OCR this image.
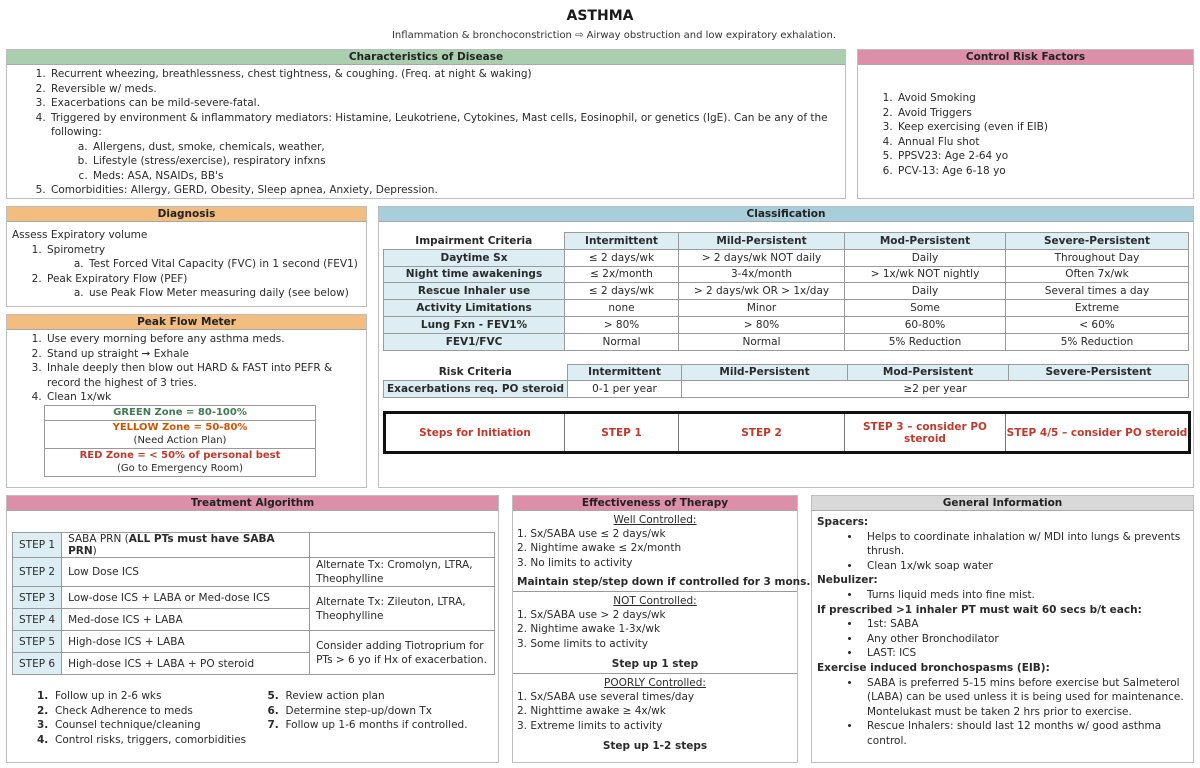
ASTHMA
Inflammation & bronchoconstriction ⇨ Airway obstruction and low expiratory exhalation.
Characteristics of Disease
1. Recurrent wheezing, breathlessness, chest tightness, & coughing. (Freq. at night & waking)
2. Reversible w/ meds.
3. Exacerbations can be mild-severe-fatal.
4. Triggered by environment & inflammatory mediators: Histamine, Leukotriene, Cytokines, Mast cells, Eosinophil, or genetics (IgE). Can be any of the following:
a. Allergens, dust, smoke, chemicals, weather,
b. Lifestyle (stress/exercise), respiratory infxns
c. Meds: ASA, NSAIDs, BB's
5. Comorbidities: Allergy, GERD, Obesity, Sleep apnea, Anxiety, Depression.
Control Risk Factors
1. Avoid Smoking
2. Avoid Triggers
3. Keep exercising (even if EIB)
4. Annual Flu shot
5. PPSV23: Age 2-64 yo
6. PCV-13: Age 6-18 yo
Diagnosis
Assess Expiratory volume
1. Spirometry
a. Test Forced Vital Capacity (FVC) in 1 second (FEV1)
2. Peak Expiratory Flow (PEF)
a. use Peak Flow Meter measuring daily (see below)
Peak Flow Meter
1. Use every morning before any asthma meds.
2. Stand up straight ➞ Exhale
3. Inhale deeply then blow out HARD & FAST into PEFR & record the highest of 3 tries.
4. Clean 1x/wk
GREEN Zone = 80-100%

YELLOW Zone = 50-80%
(Need Action Plan)

RED Zone = < 50% of personal best
(Go to Emergency Room)
Classification
Impairment Criteria	Intermittent	Mild-Persistent	Mod-Persistent	Severe-Persistent
Daytime Sx	≤ 2 days/wk	> 2 days/wk NOT daily	Daily	Throughout Day
Night time awakenings	≤ 2x/month	3-4x/month	> 1x/wk NOT nightly	Often 7x/wk
Rescue Inhaler use	≤ 2 days/wk	> 2 days/wk OR > 1x/day	Daily	Several times a day
Activity Limitations	none	Minor	Some	Extreme
Lung Fxn - FEV1%	> 80%	> 80%	60-80%	< 60%
FEV1/FVC	Normal	Normal	5% Reduction	5% Reduction
Risk Criteria	Intermittent	Mild-Persistent	Mod-Persistent	Severe-Persistent
Exacerbations req. PO steroid	0-1 per year	≥2 per year		
Steps for Initiation	STEP 1	STEP 2	STEP 3 – consider PO steroid	STEP 4/5 – consider PO steroid
Treatment Algorithm
STEP 1	SABA PRN (ALL PTs must have SABA PRN)	
STEP 2	Low Dose ICS	Alternate Tx: Cromolyn, LTRA, Theophylline
STEP 3	Low-dose ICS + LABA or Med-dose ICS	Alternate Tx: Zileuton, LTRA, Theophylline
STEP 4	Med-dose ICS + LABA	
STEP 5	High-dose ICS + LABA	Consider adding Tiotroprium for PTs > 6 yo if Hx of exacerbation.
STEP 6	High-dose ICS + LABA + PO steroid	
1. Follow up in 2-6 wks
2. Check Adherence to meds
3. Counsel technique/cleaning
4. Control risks, triggers, comorbidities
5. Review action plan
6. Determine step-up/down Tx
7. Follow up 1-6 months if controlled.
Effectiveness of Therapy
Well Controlled:
1. Sx/SABA use ≤ 2 days/wk
2. Nightime awake ≤ 2x/month
3. No limits to activity
Maintain step/step down if controlled for 3 mons.
NOT Controlled:
1. Sx/SABA use > 2 days/wk
2. Nightime awake 1-3x/wk
3. Some limits to activity
Step up 1 step
POORLY Controlled:
1. Sx/SABA use several times/day
2. Nighttime awake ≥ 4x/wk
3. Extreme limits to activity
Step up 1-2 steps
General Information
Spacers:
• Helps to coordinate inhalation w/ MDI into lungs & prevents thrush.
• Clean 1x/wk soap water
Nebulizer:
• Turns liquid meds into fine mist.
If prescribed >1 inhaler PT must wait 60 secs b/t each:
• 1st: SABA
• Any other Bronchodilator
• LAST: ICS
Exercise induced bronchospasms (EIB):
• SABA is preferred 5-15 mins before exercise but Salmeterol (LABA) can be used unless it is being used for maintenance. Montelukast must be taken 2 hrs prior to exercise.
• Rescue Inhalers: should last 12 months w/ good asthma control.
